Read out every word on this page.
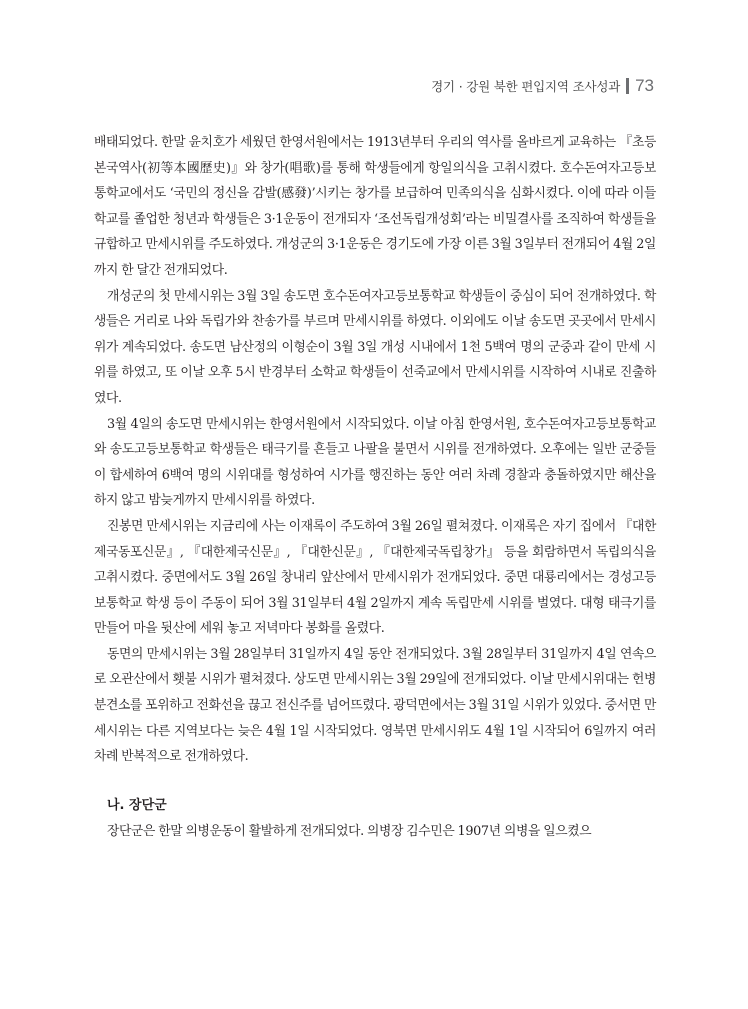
경기 · 강원 북한 편입지역 조사성과 73

배태되었다. 한말 윤치호가 세웠던 한영서원에서는 1913년부터 우리의 역사를 올바르게 교육하는 『초등본국역사(初等本國歷史)』와 창가(唱歌)를 통해 학생들에게 항일의식을 고취시켰다. 호수돈여자고등보통학교에서도 ‘국민의 정신을 감발(感發)’시키는 창가를 보급하여 민족의식을 심화시켰다. 이에 따라 이들 학교를 졸업한 청년과 학생들은 3·1운동이 전개되자 ‘조선독립개성회’라는 비밀결사를 조직하여 학생들을 규합하고 만세시위를 주도하였다. 개성군의 3·1운동은 경기도에 가장 이른 3월 3일부터 전개되어 4월 2일까지 한 달간 전개되었다.

개성군의 첫 만세시위는 3월 3일 송도면 호수돈여자고등보통학교 학생들이 중심이 되어 전개하였다. 학생들은 거리로 나와 독립가와 찬송가를 부르며 만세시위를 하였다. 이외에도 이날 송도면 곳곳에서 만세시위가 계속되었다. 송도면 남산정의 이형순이 3월 3일 개성 시내에서 1천 5백여 명의 군중과 같이 만세 시위를 하였고, 또 이날 오후 5시 반경부터 소학교 학생들이 선죽교에서 만세시위를 시작하여 시내로 진출하였다.

3월 4일의 송도면 만세시위는 한영서원에서 시작되었다. 이날 아침 한영서원, 호수돈여자고등보통학교와 송도고등보통학교 학생들은 태극기를 흔들고 나팔을 불면서 시위를 전개하였다. 오후에는 일반 군중들이 합세하여 6백여 명의 시위대를 형성하여 시가를 행진하는 동안 여러 차례 경찰과 충돌하였지만 해산을 하지 않고 밤늦게까지 만세시위를 하였다.

진봉면 만세시위는 지금리에 사는 이재록이 주도하여 3월 26일 펼쳐졌다. 이재록은 자기 집에서 『대한제국동포신문』, 『대한제국신문』, 『대한신문』, 『대한제국독립창가』 등을 회람하면서 독립의식을 고취시켰다. 중면에서도 3월 26일 창내리 앞산에서 만세시위가 전개되었다. 중면 대룡리에서는 경성고등보통학교 학생 등이 주동이 되어 3월 31일부터 4월 2일까지 계속 독립만세 시위를 벌였다. 대형 태극기를 만들어 마을 뒷산에 세워 놓고 저녁마다 봉화를 올렸다.

동면의 만세시위는 3월 28일부터 31일까지 4일 동안 전개되었다. 3월 28일부터 31일까지 4일 연속으로 오관산에서 횃불 시위가 펼쳐졌다. 상도면 만세시위는 3월 29일에 전개되었다. 이날 만세시위대는 헌병분견소를 포위하고 전화선을 끊고 전신주를 넘어뜨렸다. 광덕면에서는 3월 31일 시위가 있었다. 중서면 만세시위는 다른 지역보다는 늦은 4월 1일 시작되었다. 영북면 만세시위도 4월 1일 시작되어 6일까지 여러 차례 반복적으로 전개하였다.

나. 장단군

장단군은 한말 의병운동이 활발하게 전개되었다. 의병장 김수민은 1907년 의병을 일으켰으
